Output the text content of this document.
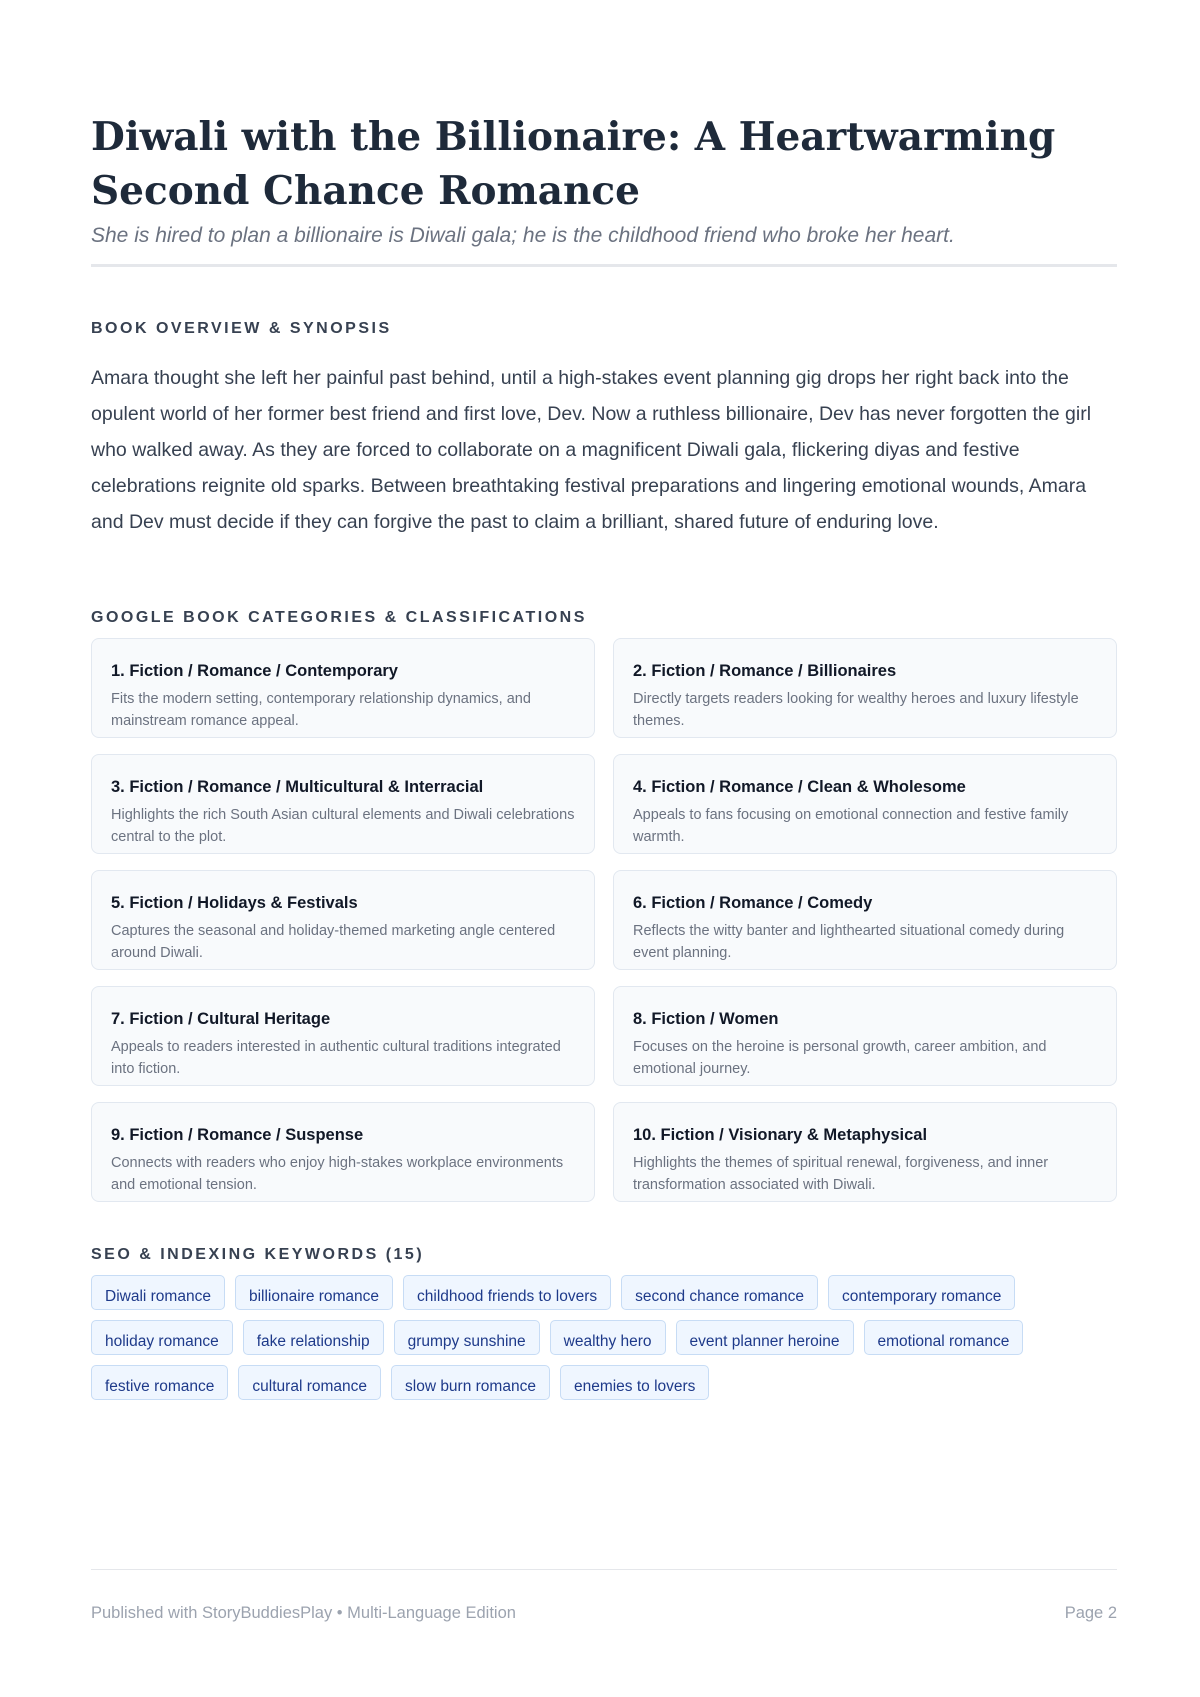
Diwali with the Billionaire: A Heartwarming Second Chance Romance
She is hired to plan a billionaire is Diwali gala; he is the childhood friend who broke her heart.
BOOK OVERVIEW & SYNOPSIS

Amara thought she left her painful past behind, until a high-stakes event planning gig drops her right back into the opulent world of her former best friend and first love, Dev. Now a ruthless billionaire, Dev has never forgotten the girl who walked away. As they are forced to collaborate on a magnificent Diwali gala, flickering diyas and festive celebrations reignite old sparks. Between breathtaking festival preparations and lingering emotional wounds, Amara and Dev must decide if they can forgive the past to claim a brilliant, shared future of enduring love.

GOOGLE BOOK CATEGORIES & CLASSIFICATIONS
1. Fiction / Romance / Contemporary
Fits the modern setting, contemporary relationship dynamics, and mainstream romance appeal.
2. Fiction / Romance / Billionaires
Directly targets readers looking for wealthy heroes and luxury lifestyle themes.
3. Fiction / Romance / Multicultural & Interracial
Highlights the rich South Asian cultural elements and Diwali celebrations central to the plot.
4. Fiction / Romance / Clean & Wholesome
Appeals to fans focusing on emotional connection and festive family warmth.
5. Fiction / Holidays & Festivals
Captures the seasonal and holiday-themed marketing angle centered around Diwali.
6. Fiction / Romance / Comedy
Reflects the witty banter and lighthearted situational comedy during event planning.
7. Fiction / Cultural Heritage
Appeals to readers interested in authentic cultural traditions integrated into fiction.
8. Fiction / Women
Focuses on the heroine is personal growth, career ambition, and emotional journey.
9. Fiction / Romance / Suspense
Connects with readers who enjoy high-stakes workplace environments and emotional tension.
10. Fiction / Visionary & Metaphysical
Highlights the themes of spiritual renewal, forgiveness, and inner transformation associated with Diwali.
SEO & INDEXING KEYWORDS (15)
Diwali romance	billionaire romance	childhood friends to lovers	second chance romance	contemporary romance
holiday romance	fake relationship	grumpy sunshine	wealthy hero	event planner heroine	emotional romance
festive romance	cultural romance	slow burn romance	enemies to lovers
Published with StoryBuddiesPlay • Multi-Language Edition	Page 2
